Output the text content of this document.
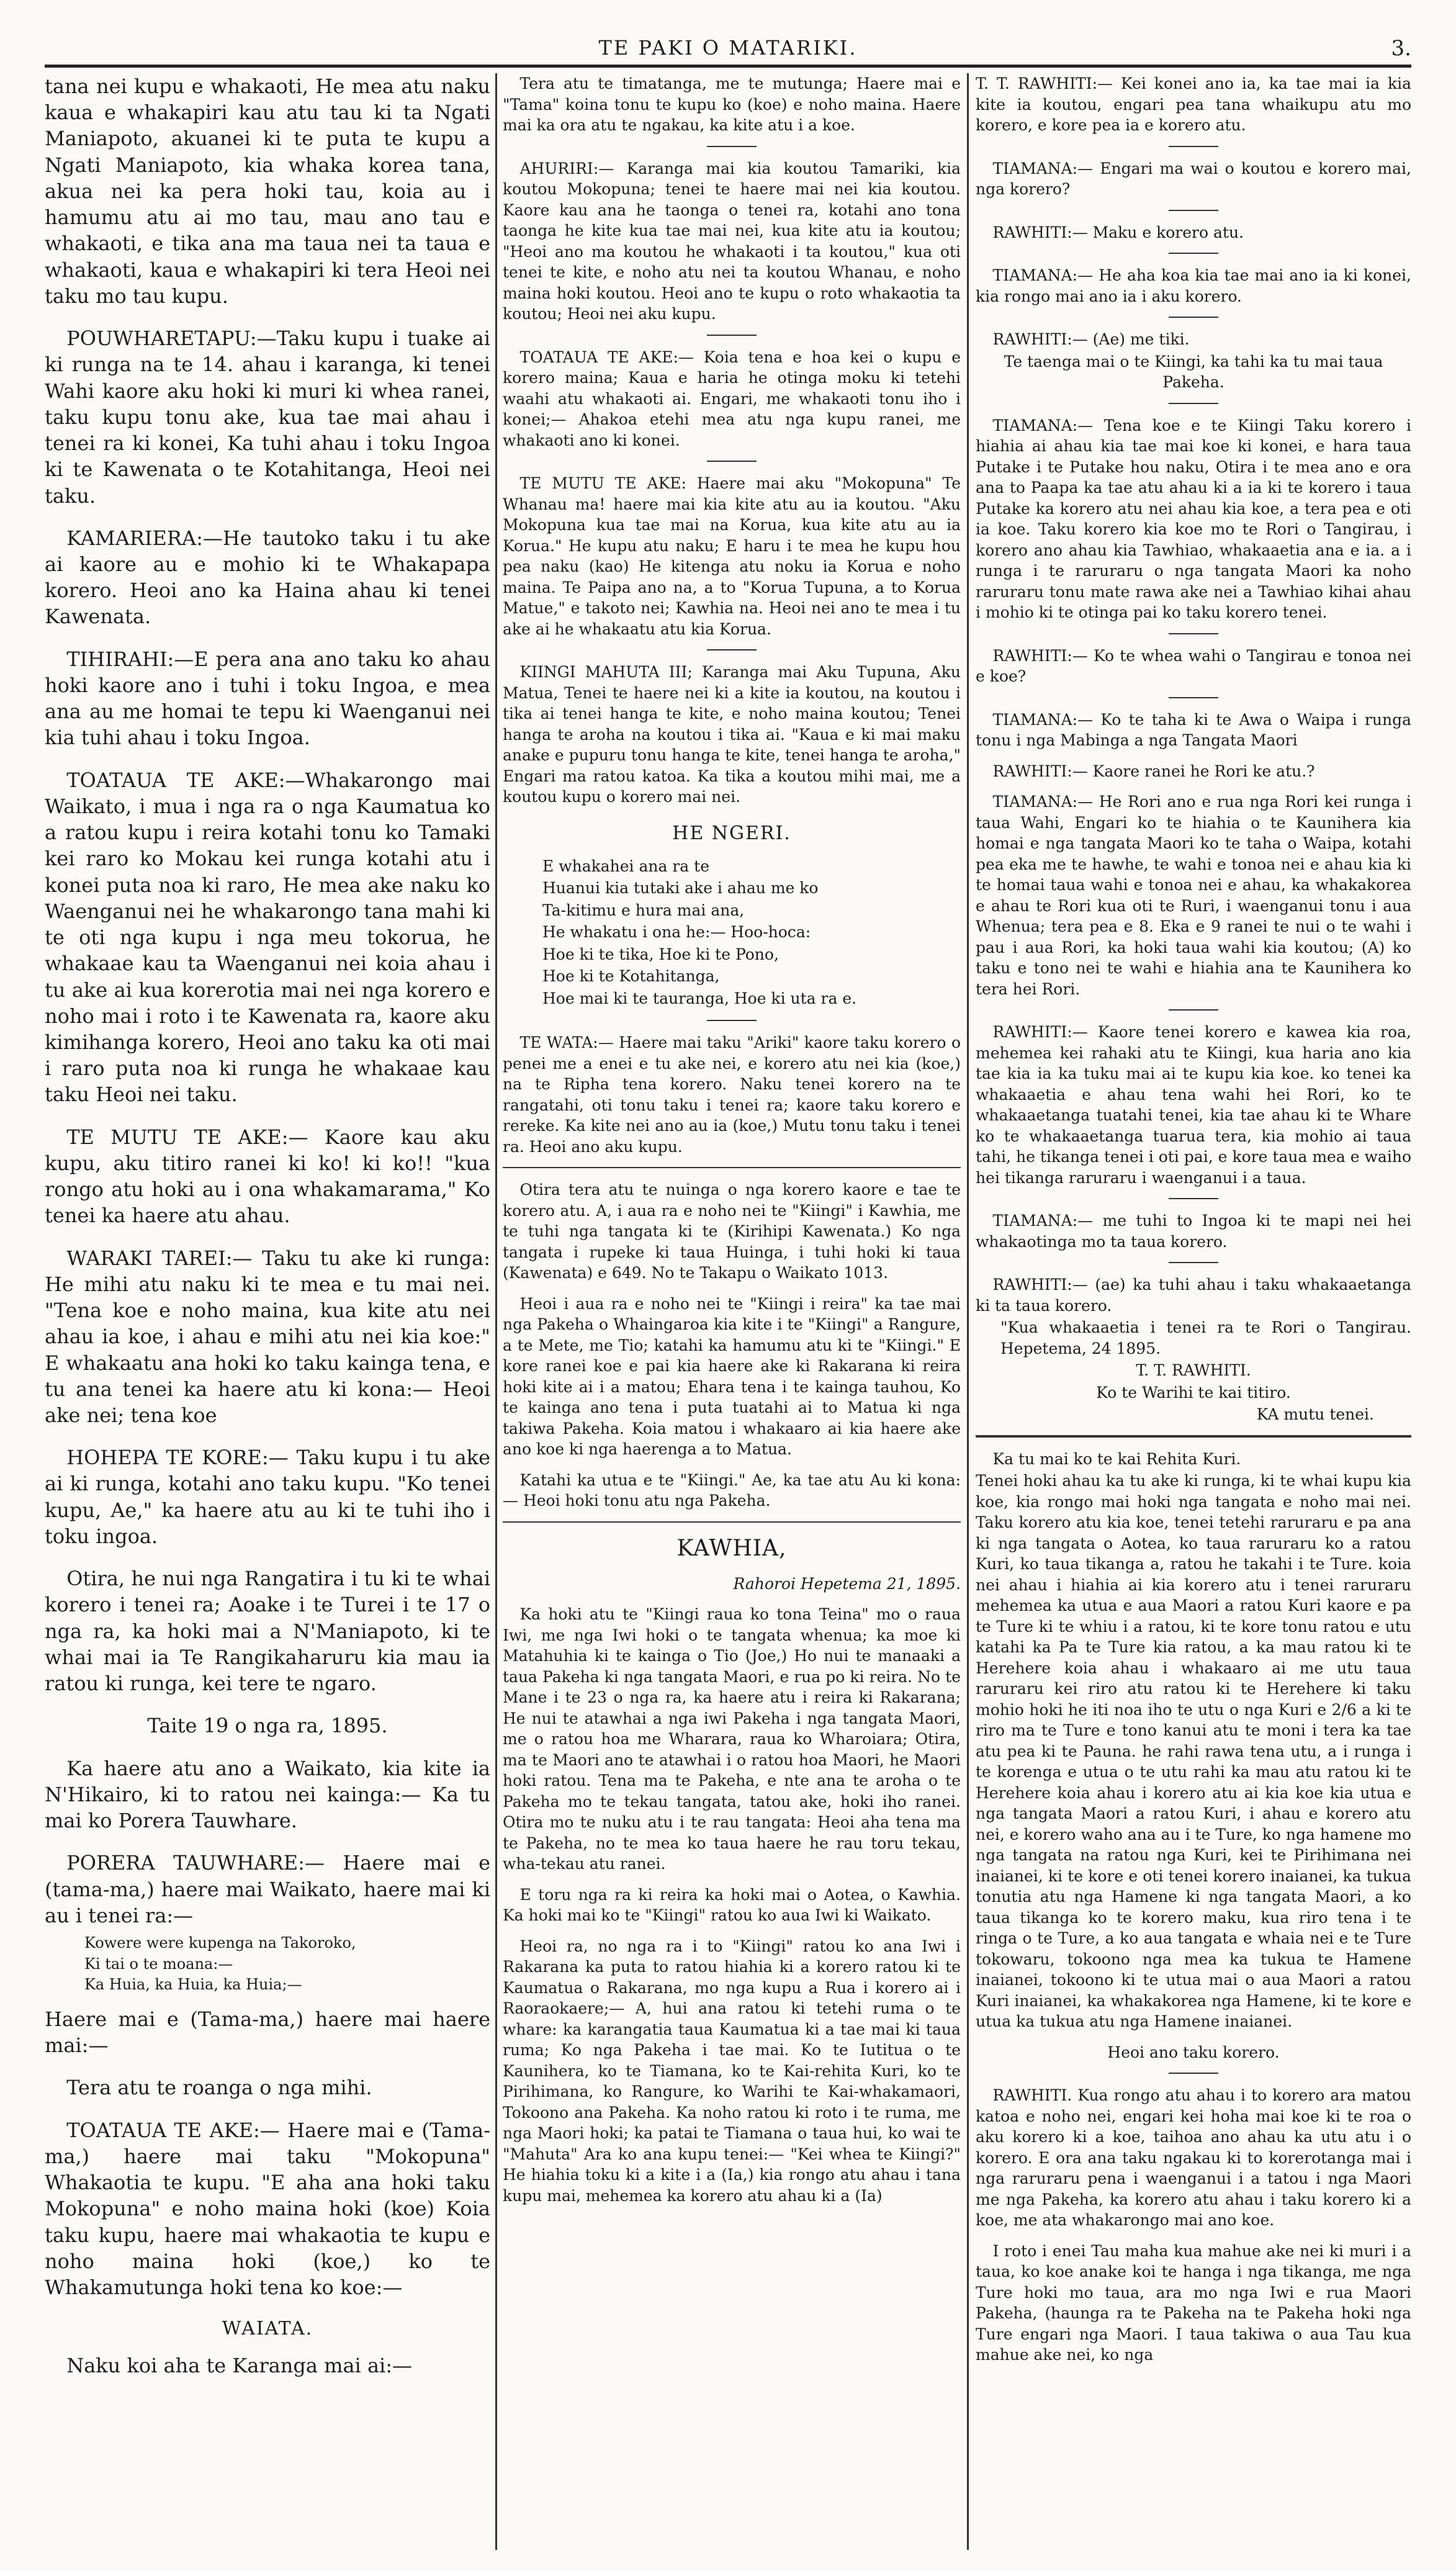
TE PAKI O MATARIKI.	3.

tana nei kupu e whakaoti, He mea atu naku kaua e whakapiri kau atu tau ki ta Ngati Maniapoto, akuanei ki te puta te kupu a Ngati Maniapoto, kia whaka korea tana, akua nei ka pera hoki tau, koia au i hamumu atu ai mo tau, mau ano tau e whakaoti, e tika ana ma taua nei ta taua e whakaoti, kaua e whakapiri ki tera Heoi nei taku mo tau kupu.

POUWHARETAPU:—Taku kupu i tuake ai ki runga na te 14. ahau i karanga, ki tenei Wahi kaore aku hoki ki muri ki whea ranei, taku kupu tonu ake, kua tae mai ahau i tenei ra ki konei, Ka tuhi ahau i toku Ingoa ki te Kawenata o te Kotahitanga, Heoi nei taku.

KAMARIERA:—He tautoko taku i tu ake ai kaore au e mohio ki te Whakapapa korero. Heoi ano ka Haina ahau ki tenei Kawenata.

TIHIRAHI:—E pera ana ano taku ko ahau hoki kaore ano i tuhi i toku Ingoa, e mea ana au me homai te tepu ki Waenganui nei kia tuhi ahau i toku Ingoa.

TOATAUA TE AKE:—Whakarongo mai Waikato, i mua i nga ra o nga Kaumatua ko a ratou kupu i reira kotahi tonu ko Tamaki kei raro ko Mokau kei runga kotahi atu i konei puta noa ki raro, He mea ake naku ko Waenganui nei he whakarongo tana mahi ki te oti nga kupu i nga meu tokorua, he whakaae kau ta Waenganui nei koia ahau i tu ake ai kua korerotia mai nei nga korero e noho mai i roto i te Kawenata ra, kaore aku kimihanga korero, Heoi ano taku ka oti mai i raro puta noa ki runga he whakaae kau taku Heoi nei taku.

TE MUTU TE AKE:— Kaore kau aku kupu, aku titiro ranei ki ko! ki ko!! "kua rongo atu hoki au i ona whakamarama," Ko tenei ka haere atu ahau.

WARAKI TAREI:— Taku tu ake ki runga: He mihi atu naku ki te mea e tu mai nei. "Tena koe e noho maina, kua kite atu nei ahau ia koe, i ahau e mihi atu nei kia koe:" E whakaatu ana hoki ko taku kainga tena, e tu ana tenei ka haere atu ki kona:— Heoi ake nei; tena koe

HOHEPA TE KORE:— Taku kupu i tu ake ai ki runga, kotahi ano taku kupu. "Ko tenei kupu, Ae," ka haere atu au ki te tuhi iho i toku ingoa.

Otira, he nui nga Rangatira i tu ki te whai korero i tenei ra; Aoake i te Turei i te 17 o nga ra, ka hoki mai a N'Maniapoto, ki te whai mai ia Te Rangikaharuru kia mau ia ratou ki runga, kei tere te ngaro.

Taite 19 o nga ra, 1895.

Ka haere atu ano a Waikato, kia kite ia N'Hikairo, ki to ratou nei kainga:— Ka tu mai ko Porera Tauwhare.

PORERA TAUWHARE:— Haere mai e (tama-ma,) haere mai Waikato, haere mai ki au i tenei ra:—

Kowere were kupenga na Takoroko,
Ki tai o te moana:—
Ka Huia, ka Huia, ka Huia;—

Haere mai e (Tama-ma,) haere mai haere mai:—

Tera atu te roanga o nga mihi.

TOATAUA TE AKE:— Haere mai e (Tama-ma,) haere mai taku "Mokopuna" Whakaotia te kupu. "E aha ana hoki taku Mokopuna" e noho maina hoki (koe) Koia taku kupu, haere mai whakaotia te kupu e noho maina hoki (koe,) ko te Whakamutunga hoki tena ko koe:—

WAIATA.

Naku koi aha te Karanga mai ai:—

Tera atu te timatanga, me te mutunga; Haere mai e "Tama" koina tonu te kupu ko (koe) e noho maina. Haere mai ka ora atu te ngakau, ka kite atu i a koe.

AHURIRI:— Karanga mai kia koutou Tamariki, kia koutou Mokopuna; tenei te haere mai nei kia koutou. Kaore kau ana he taonga o tenei ra, kotahi ano tona taonga he kite kua tae mai nei, kua kite atu ia koutou; "Heoi ano ma koutou he whakaoti i ta koutou," kua oti tenei te kite, e noho atu nei ta koutou Whanau, e noho maina hoki koutou. Heoi ano te kupu o roto whakaotia ta koutou; Heoi nei aku kupu.

TOATAUA TE AKE:— Koia tena e hoa kei o kupu e korero maina; Kaua e haria he otinga moku ki tetehi waahi atu whakaoti ai. Engari, me whakaoti tonu iho i konei;— Ahakoa etehi mea atu nga kupu ranei, me whakaoti ano ki konei.

TE MUTU TE AKE: Haere mai aku "Mokopuna" Te Whanau ma! haere mai kia kite atu au ia koutou. "Aku Mokopuna kua tae mai na Korua, kua kite atu au ia Korua." He kupu atu naku; E haru i te mea he kupu hou pea naku (kao) He kitenga atu noku ia Korua e noho maina. Te Paipa ano na, a to "Korua Tupuna, a to Korua Matue," e takoto nei; Kawhia na. Heoi nei ano te mea i tu ake ai he whakaatu atu kia Korua.

KIINGI MAHUTA III; Karanga mai Aku Tupuna, Aku Matua, Tenei te haere nei ki a kite ia koutou, na koutou i tika ai tenei hanga te kite, e noho maina koutou; Tenei hanga te aroha na koutou i tika ai. "Kaua e ki mai maku anake e pupuru tonu hanga te kite, tenei hanga te aroha," Engari ma ratou katoa. Ka tika a koutou mihi mai, me a koutou kupu o korero mai nei.

HE NGERI.

E whakahei ana ra te
Huanui kia tutaki ake i ahau me ko
Ta-kitimu e hura mai ana,
He whakatu i ona he:— Hoo-hoca:
Hoe ki te tika, Hoe ki te Pono,
Hoe ki te Kotahitanga,
Hoe mai ki te tauranga, Hoe ki uta ra e.

TE WATA:— Haere mai taku "Ariki" kaore taku korero o penei me a enei e tu ake nei, e korero atu nei kia (koe,) na te Ripha tena korero. Naku tenei korero na te rangatahi, oti tonu taku i tenei ra; kaore taku korero e rereke. Ka kite nei ano au ia (koe,) Mutu tonu taku i tenei ra. Heoi ano aku kupu.

Otira tera atu te nuinga o nga korero kaore e tae te korero atu. A, i aua ra e noho nei te "Kiingi" i Kawhia, me te tuhi nga tangata ki te (Kirihipi Kawenata.) Ko nga tangata i rupeke ki taua Huinga, i tuhi hoki ki taua (Kawenata) e 649. No te Takapu o Waikato 1013.

Heoi i aua ra e noho nei te "Kiingi i reira" ka tae mai nga Pakeha o Whaingaroa kia kite i te "Kiingi" a Rangure, a te Mete, me Tio; katahi ka hamumu atu ki te "Kiingi." E kore ranei koe e pai kia haere ake ki Rakarana ki reira hoki kite ai i a matou; Ehara tena i te kainga tauhou, Ko te kainga ano tena i puta tuatahi ai to Matua ki nga takiwa Pakeha. Koia matou i whakaaro ai kia haere ake ano koe ki nga haerenga a to Matua.

Katahi ka utua e te "Kiingi." Ae, ka tae atu Au ki kona:— Heoi hoki tonu atu nga Pakeha.

KAWHIA,

Rahoroi Hepetema 21, 1895.

Ka hoki atu te "Kiingi raua ko tona Teina" mo o raua Iwi, me nga Iwi hoki o te tangata whenua; ka moe ki Matahuhia ki te kainga o Tio (Joe,) Ho nui te manaaki a taua Pakeha ki nga tangata Maori, e rua po ki reira. No te Mane i te 23 o nga ra, ka haere atu i reira ki Rakarana; He nui te atawhai a nga iwi Pakeha i nga tangata Maori, me o ratou hoa me Wharara, raua ko Wharoiara; Otira, ma te Maori ano te atawhai i o ratou hoa Maori, he Maori hoki ratou. Tena ma te Pakeha, e nte ana te aroha o te Pakeha mo te tekau tangata, tatou ake, hoki iho ranei. Otira mo te nuku atu i te rau tangata: Heoi aha tena ma te Pakeha, no te mea ko taua haere he rau toru tekau, wha-tekau atu ranei.

E toru nga ra ki reira ka hoki mai o Aotea, o Kawhia. Ka hoki mai ko te "Kiingi" ratou ko aua Iwi ki Waikato.

Heoi ra, no nga ra i to "Kiingi" ratou ko ana Iwi i Rakarana ka puta to ratou hiahia ki a korero ratou ki te Kaumatua o Rakarana, mo nga kupu a Rua i korero ai i Raoraokaere;— A, hui ana ratou ki tetehi ruma o te whare: ka karangatia taua Kaumatua ki a tae mai ki taua ruma; Ko nga Pakeha i tae mai. Ko te Iutitua o te Kaunihera, ko te Tiamana, ko te Kai-rehita Kuri, ko te Pirihimana, ko Rangure, ko Warihi te Kai-whakamaori, Tokoono ana Pakeha. Ka noho ratou ki roto i te ruma, me nga Maori hoki; ka patai te Tiamana o taua hui, ko wai te "Mahuta" Ara ko ana kupu tenei:— "Kei whea te Kiingi?" He hiahia toku ki a kite i a (Ia,) kia rongo atu ahau i tana kupu mai, mehemea ka korero atu ahau ki a (Ia)

T. T. RAWHITI:— Kei konei ano ia, ka tae mai ia kia kite ia koutou, engari pea tana whaikupu atu mo korero, e kore pea ia e korero atu.

TIAMANA:— Engari ma wai o koutou e korero mai, nga korero?

RAWHITI:— Maku e korero atu.

TIAMANA:— He aha koa kia tae mai ano ia ki konei, kia rongo mai ano ia i aku korero.

RAWHITI:— (Ae) me tiki.

Te taenga mai o te Kiingi, ka tahi ka tu mai taua Pakeha.

TIAMANA:— Tena koe e te Kiingi Taku korero i hiahia ai ahau kia tae mai koe ki konei, e hara taua Putake i te Putake hou naku, Otira i te mea ano e ora ana to Paapa ka tae atu ahau ki a ia ki te korero i taua Putake ka korero atu nei ahau kia koe, a tera pea e oti ia koe. Taku korero kia koe mo te Rori o Tangirau, i korero ano ahau kia Tawhiao, whakaaetia ana e ia. a i runga i te raruraru o nga tangata Maori ka noho raruraru tonu mate rawa ake nei a Tawhiao kihai ahau i mohio ki te otinga pai ko taku korero tenei.

RAWHITI:— Ko te whea wahi o Tangirau e tonoa nei e koe?

TIAMANA:— Ko te taha ki te Awa o Waipa i runga tonu i nga Mabinga a nga Tangata Maori

RAWHITI:— Kaore ranei he Rori ke atu.?

TIAMANA:— He Rori ano e rua nga Rori kei runga i taua Wahi, Engari ko te hiahia o te Kaunihera kia homai e nga tangata Maori ko te taha o Waipa, kotahi pea eka me te hawhe, te wahi e tonoa nei e ahau kia ki te homai taua wahi e tonoa nei e ahau, ka whakakorea e ahau te Rori kua oti te Ruri, i waenganui tonu i aua Whenua; tera pea e 8. Eka e 9 ranei te nui o te wahi i pau i aua Rori, ka hoki taua wahi kia koutou; (A) ko taku e tono nei te wahi e hiahia ana te Kaunihera ko tera hei Rori.

RAWHITI:— Kaore tenei korero e kawea kia roa, mehemea kei rahaki atu te Kiingi, kua haria ano kia tae kia ia ka tuku mai ai te kupu kia koe. ko tenei ka whakaaetia e ahau tena wahi hei Rori, ko te whakaaetanga tuatahi tenei, kia tae ahau ki te Whare ko te whakaaetanga tuarua tera, kia mohio ai taua tahi, he tikanga tenei i oti pai, e kore taua mea e waiho hei tikanga raruraru i waenganui i a taua.

TIAMANA:— me tuhi to Ingoa ki te mapi nei hei whakaotinga mo ta taua korero.

RAWHITI:— (ae) ka tuhi ahau i taku whakaaetanga ki ta taua korero.

"Kua whakaaetia i tenei ra te Rori o Tangirau. Hepetema, 24 1895.

T. T. RAWHITI.

Ko te Warihi te kai titiro.

KA mutu tenei.

Ka tu mai ko te kai Rehita Kuri.

Tenei hoki ahau ka tu ake ki runga, ki te whai kupu kia koe, kia rongo mai hoki nga tangata e noho mai nei. Taku korero atu kia koe, tenei tetehi raruraru e pa ana ki nga tangata o Aotea, ko taua raruraru ko a ratou Kuri, ko taua tikanga a, ratou he takahi i te Ture. koia nei ahau i hiahia ai kia korero atu i tenei raruraru mehemea ka utua e aua Maori a ratou Kuri kaore e pa te Ture ki te whiu i a ratou, ki te kore tonu ratou e utu katahi ka Pa te Ture kia ratou, a ka mau ratou ki te Herehere koia ahau i whakaaro ai me utu taua raruraru kei riro atu ratou ki te Herehere ki taku mohio hoki he iti noa iho te utu o nga Kuri e 2/6 a ki te riro ma te Ture e tono kanui atu te moni i tera ka tae atu pea ki te Pauna. he rahi rawa tena utu, a i runga i te korenga e utua o te utu rahi ka mau atu ratou ki te Herehere koia ahau i korero atu ai kia koe kia utua e nga tangata Maori a ratou Kuri, i ahau e korero atu nei, e korero waho ana au i te Ture, ko nga hamene mo nga tangata na ratou nga Kuri, kei te Pirihimana nei inaianei, ki te kore e oti tenei korero inaianei, ka tukua tonutia atu nga Hamene ki nga tangata Maori, a ko taua tikanga ko te korero maku, kua riro tena i te ringa o te Ture, a ko aua tangata e whaia nei e te Ture tokowaru, tokoono nga mea ka tukua te Hamene inaianei, tokoono ki te utua mai o aua Maori a ratou Kuri inaianei, ka whakakorea nga Hamene, ki te kore e utua ka tukua atu nga Hamene inaianei.

Heoi ano taku korero.

RAWHITI. Kua rongo atu ahau i to korero ara matou katoa e noho nei, engari kei hoha mai koe ki te roa o aku korero ki a koe, taihoa ano ahau ka utu atu i o korero. E ora ana taku ngakau ki to korerotanga mai i nga raruraru pena i waenganui i a tatou i nga Maori me nga Pakeha, ka korero atu ahau i taku korero ki a koe, me ata whakarongo mai ano koe.

I roto i enei Tau maha kua mahue ake nei ki muri i a taua, ko koe anake koi te hanga i nga tikanga, me nga Ture hoki mo taua, ara mo nga Iwi e rua Maori Pakeha, (haunga ra te Pakeha na te Pakeha hoki nga Ture engari nga Maori. I taua takiwa o aua Tau kua mahue ake nei, ko nga
